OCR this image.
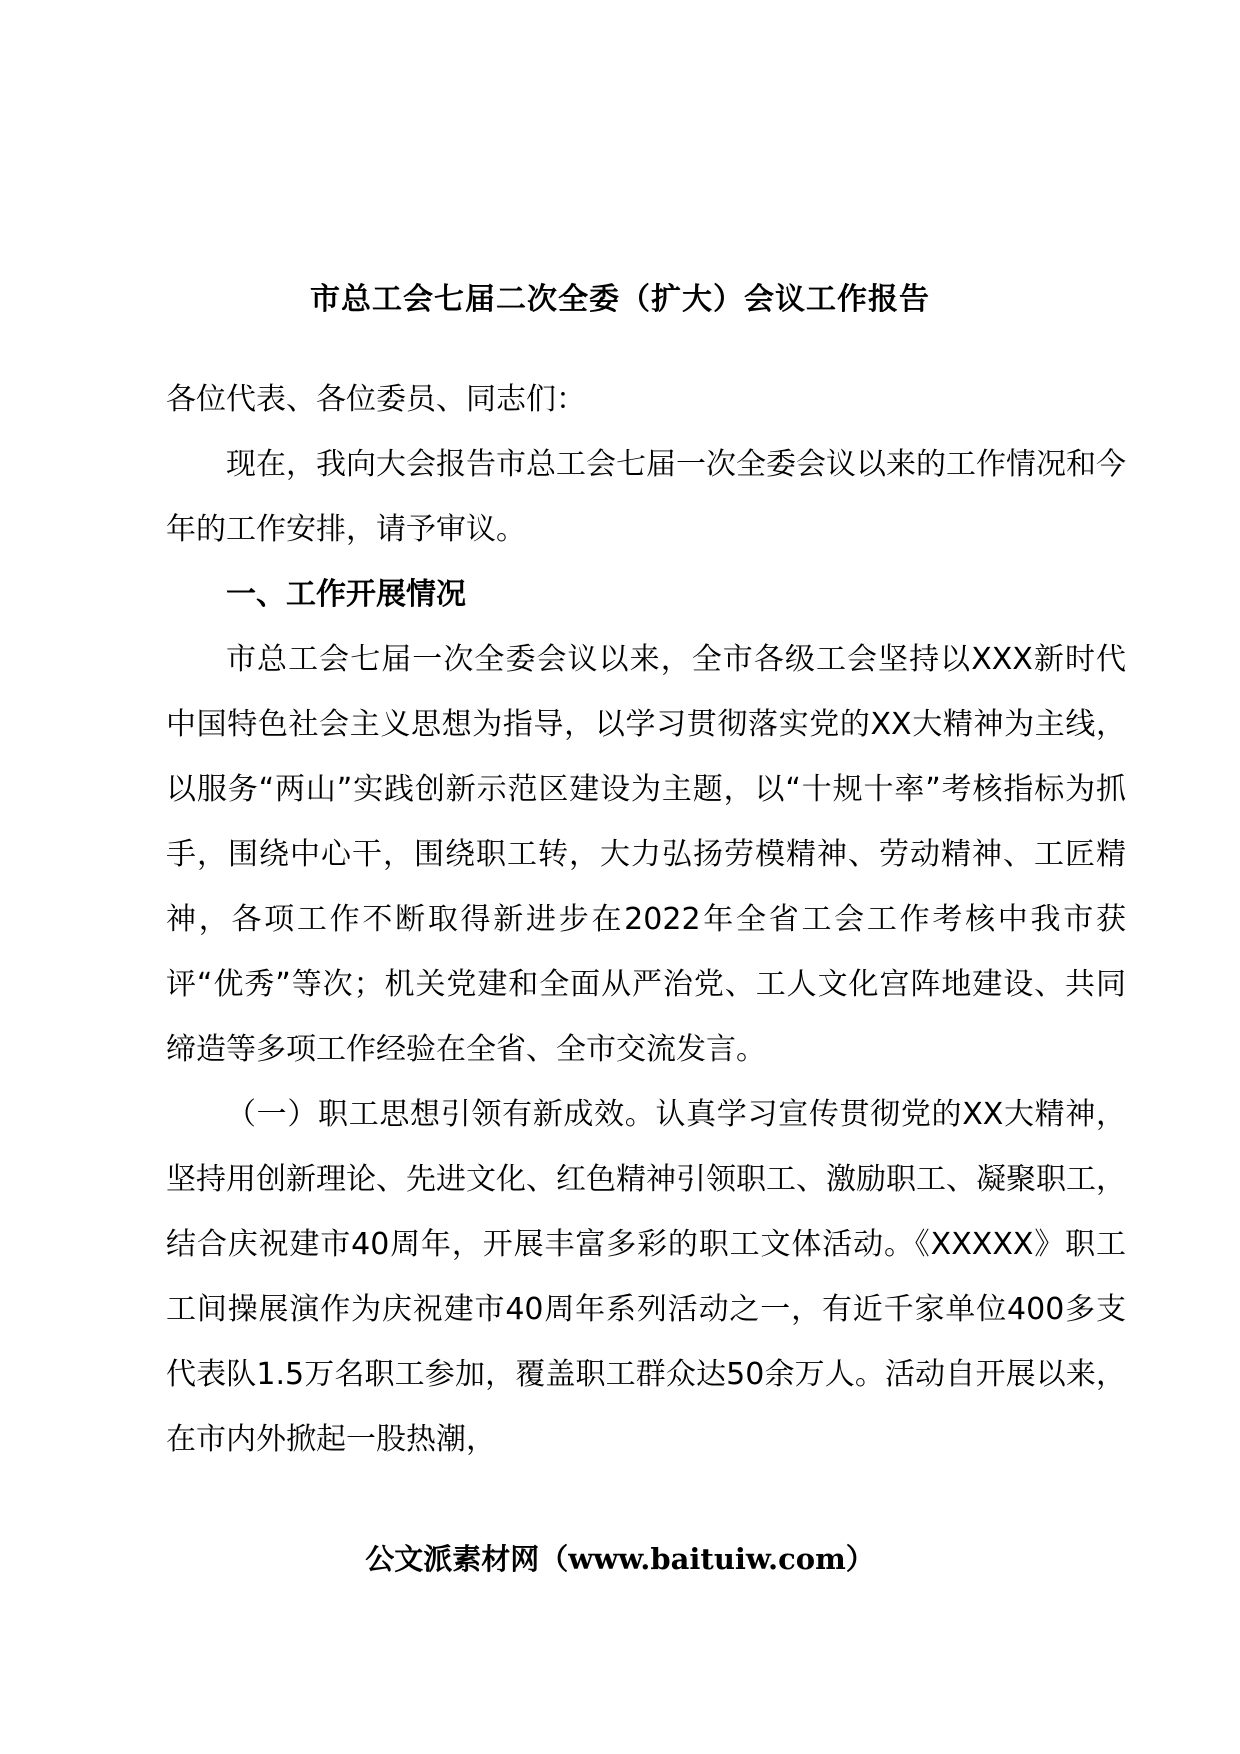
市总工会七届二次全委（扩大）会议工作报告

各位代表、各位委员、同志们：

现在，我向大会报告市总工会七届一次全委会议以来的工作情况和今年的工作安排，请予审议。

一、工作开展情况

市总工会七届一次全委会议以来，全市各级工会坚持以XXX新时代中国特色社会主义思想为指导，以学习贯彻落实党的XX大精神为主线，以服务“两山”实践创新示范区建设为主题，以“十规十率”考核指标为抓手，围绕中心干，围绕职工转，大力弘扬劳模精神、劳动精神、工匠精神，各项工作不断取得新进步在2022年全省工会工作考核中我市获评“优秀”等次；机关党建和全面从严治党、工人文化宫阵地建设、共同缔造等多项工作经验在全省、全市交流发言。

（一）职工思想引领有新成效。认真学习宣传贯彻党的XX大精神，坚持用创新理论、先进文化、红色精神引领职工、激励职工、凝聚职工，结合庆祝建市40周年，开展丰富多彩的职工文体活动。《XXXXX》职工工间操展演作为庆祝建市40周年系列活动之一，有近千家单位400多支代表队1.5万名职工参加，覆盖职工群众达50余万人。活动自开展以来，在市内外掀起一股热潮，

公文派素材网（www.baituiw.com）
